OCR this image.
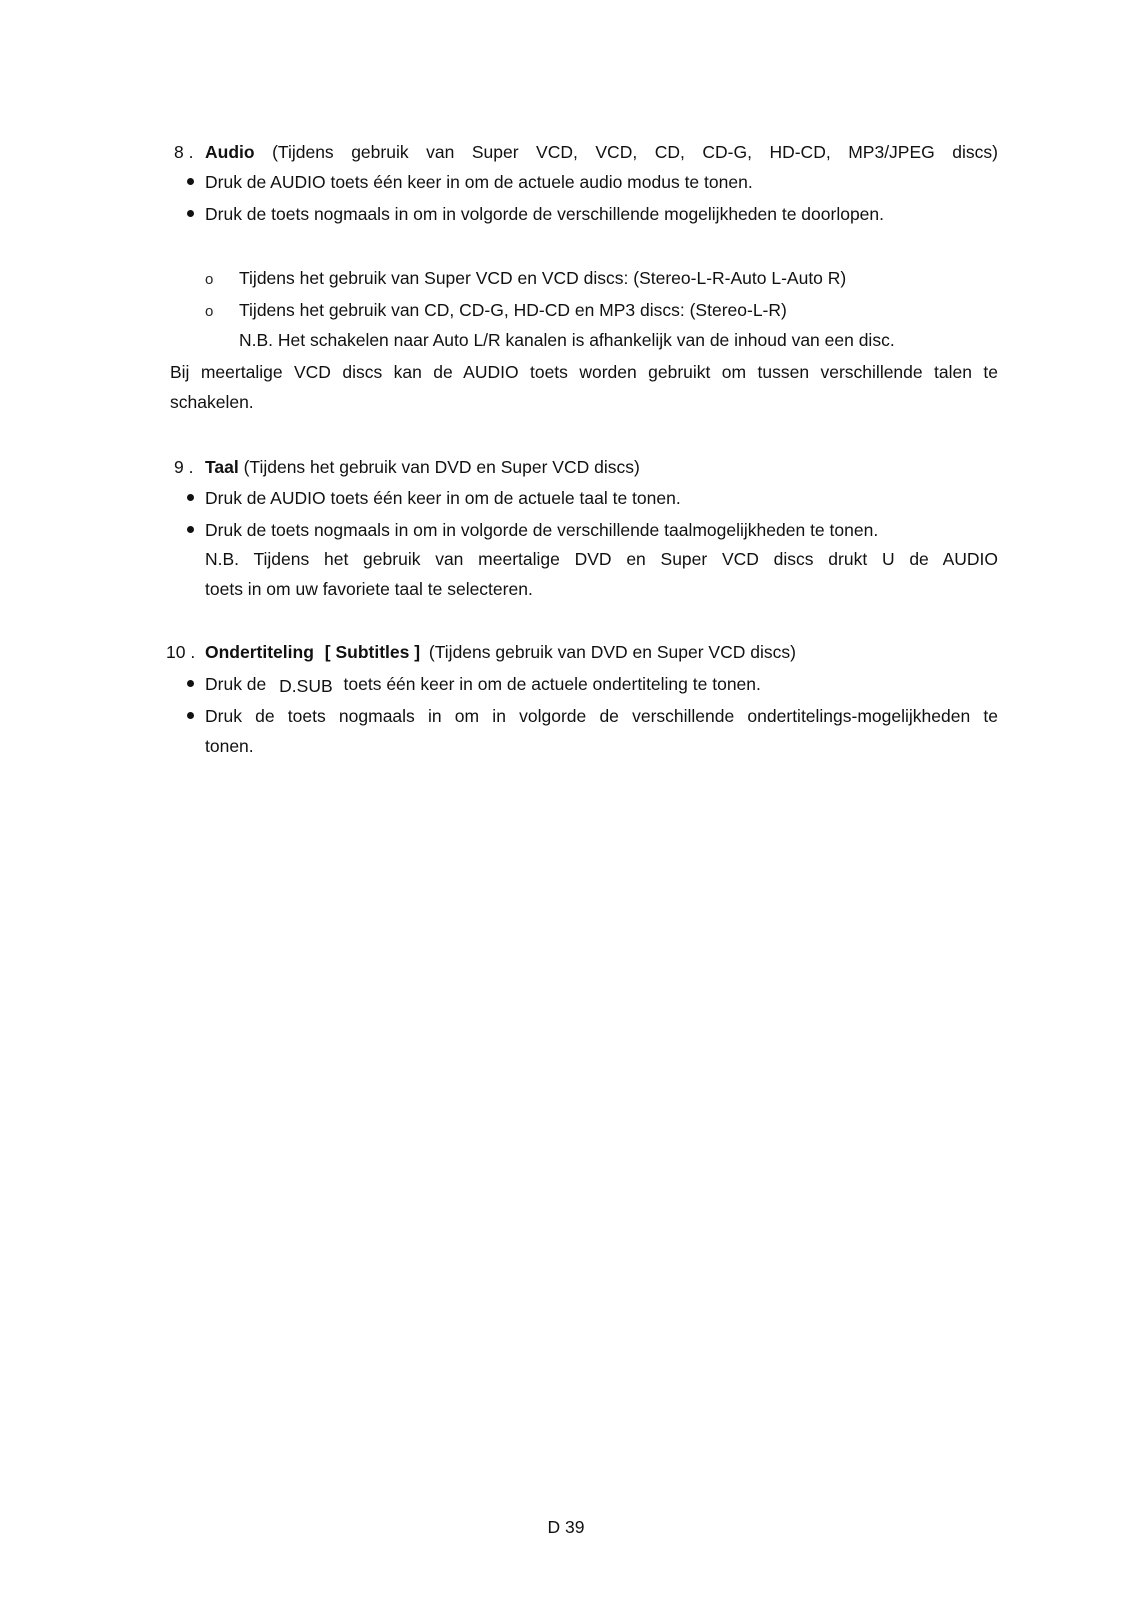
8 . Audio (Tijdens gebruik van Super VCD, VCD, CD, CD-G, HD-CD, MP3/JPEG discs)
Druk de AUDIO toets één keer in om de actuele audio modus te tonen.
Druk de toets nogmaals in om in volgorde de verschillende mogelijkheden te doorlopen.
o Tijdens het gebruik van Super VCD en VCD discs: (Stereo-L-R-Auto L-Auto R)
o Tijdens het gebruik van CD, CD-G, HD-CD en MP3 discs: (Stereo-L-R)
N.B. Het schakelen naar Auto L/R kanalen is afhankelijk van de inhoud van een disc.
Bij meertalige VCD discs kan de AUDIO toets worden gebruikt om tussen verschillende talen te
schakelen.
9 . Taal (Tijdens het gebruik van DVD en Super VCD discs)
Druk de AUDIO toets één keer in om de actuele taal te tonen.
Druk de toets nogmaals in om in volgorde de verschillende taalmogelijkheden te tonen.
N.B. Tijdens het gebruik van meertalige DVD en Super VCD discs drukt U de AUDIO
toets in om uw favoriete taal te selecteren.
10 . Ondertiteling [ Subtitles ] (Tijdens gebruik van DVD en Super VCD discs)
Druk de D.SUB toets één keer in om de actuele ondertiteling te tonen.
Druk de toets nogmaals in om in volgorde de verschillende ondertitelings-mogelijkheden te
tonen.
D 39
